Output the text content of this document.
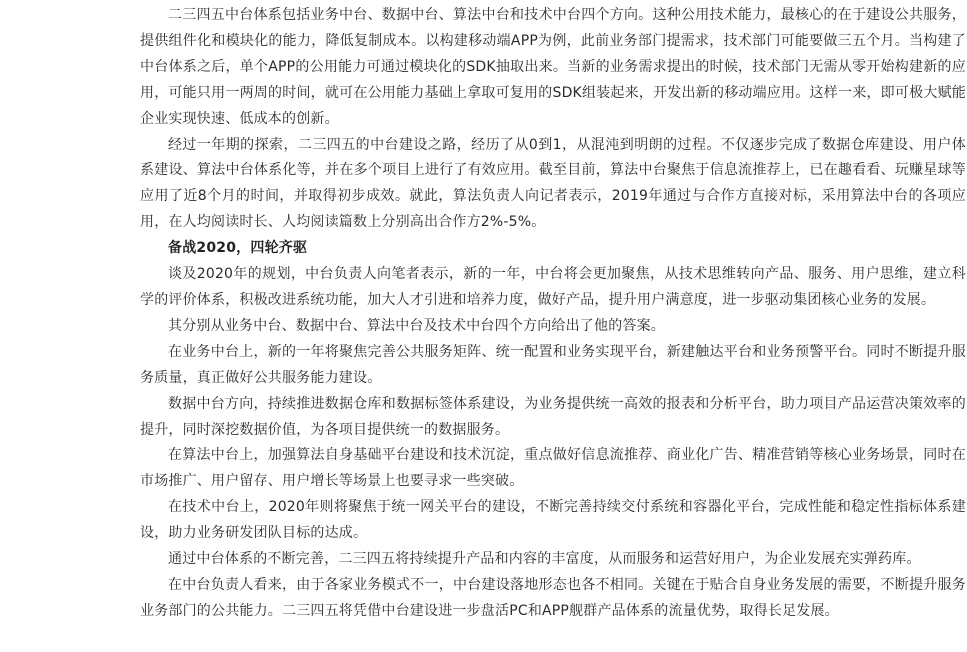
二三四五中台体系包括业务中台、数据中台、算法中台和技术中台四个方向。这种公用技术能力，最核心的在于建设公共服务，提供组件化和模块化的能力，降低复制成本。以构建移动端APP为例，此前业务部门提需求，技术部门可能要做三五个月。当构建了中台体系之后，单个APP的公用能力可通过模块化的SDK抽取出来。当新的业务需求提出的时候，技术部门无需从零开始构建新的应用，可能只用一两周的时间，就可在公用能力基础上拿取可复用的SDK组装起来，开发出新的移动端应用。这样一来，即可极大赋能企业实现快速、低成本的创新。

经过一年期的探索，二三四五的中台建设之路，经历了从0到1，从混沌到明朗的过程。不仅逐步完成了数据仓库建设、用户体系建设、算法中台体系化等，并在多个项目上进行了有效应用。截至目前，算法中台聚焦于信息流推荐上，已在趣看看、玩赚星球等应用了近8个月的时间，并取得初步成效。就此，算法负责人向记者表示，2019年通过与合作方直接对标，采用算法中台的各项应用，在人均阅读时长、人均阅读篇数上分别高出合作方2%-5%。

备战2020，四轮齐驱

谈及2020年的规划，中台负责人向笔者表示，新的一年，中台将会更加聚焦，从技术思维转向产品、服务、用户思维，建立科学的评价体系，积极改进系统功能，加大人才引进和培养力度，做好产品，提升用户满意度，进一步驱动集团核心业务的发展。

其分别从业务中台、数据中台、算法中台及技术中台四个方向给出了他的答案。

在业务中台上，新的一年将聚焦完善公共服务矩阵、统一配置和业务实现平台，新建触达平台和业务预警平台。同时不断提升服务质量，真正做好公共服务能力建设。

数据中台方向，持续推进数据仓库和数据标签体系建设，为业务提供统一高效的报表和分析平台，助力项目产品运营决策效率的提升，同时深挖数据价值，为各项目提供统一的数据服务。

在算法中台上，加强算法自身基础平台建设和技术沉淀，重点做好信息流推荐、商业化广告、精准营销等核心业务场景，同时在市场推广、用户留存、用户增长等场景上也要寻求一些突破。

在技术中台上，2020年则将聚焦于统一网关平台的建设，不断完善持续交付系统和容器化平台，完成性能和稳定性指标体系建设，助力业务研发团队目标的达成。

通过中台体系的不断完善，二三四五将持续提升产品和内容的丰富度，从而服务和运营好用户，为企业发展充实弹药库。

在中台负责人看来，由于各家业务模式不一，中台建设落地形态也各不相同。关键在于贴合自身业务发展的需要，不断提升服务业务部门的公共能力。二三四五将凭借中台建设进一步盘活PC和APP舰群产品体系的流量优势，取得长足发展。
